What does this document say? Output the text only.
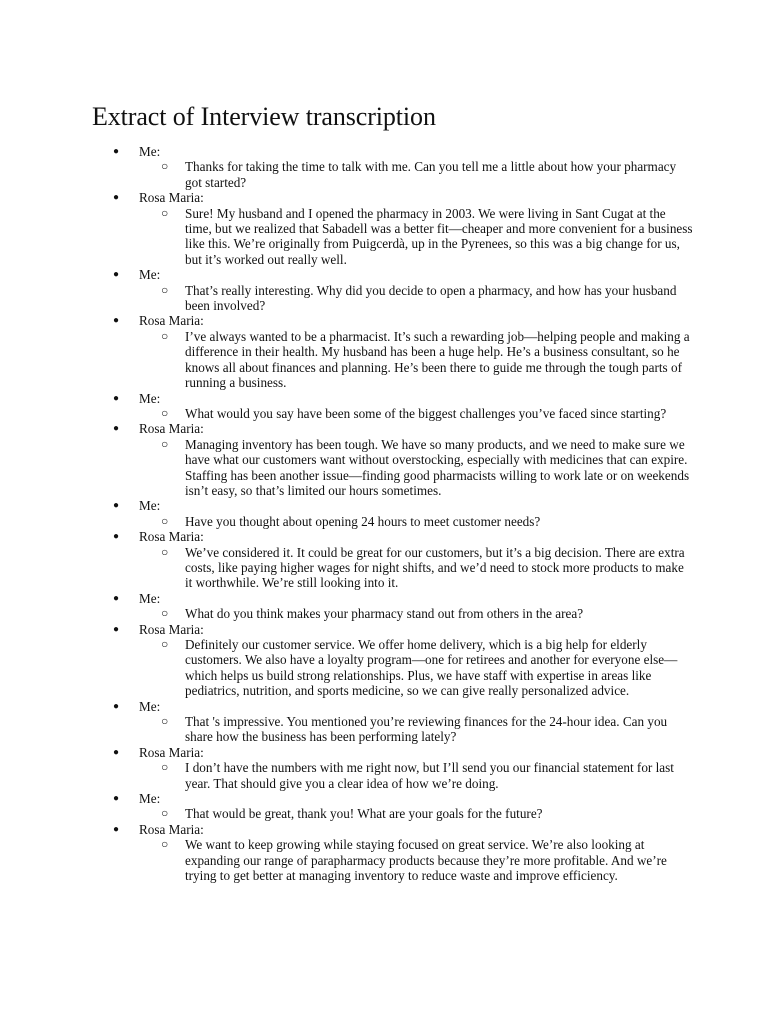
Extract of Interview transcription
●	Me:
○ Thanks for taking the time to talk with me. Can you tell me a little about how your pharmacy got started?
●	Rosa Maria:
○ Sure! My husband and I opened the pharmacy in 2003. We were living in Sant Cugat at the time, but we realized that Sabadell was a better fit—cheaper and more convenient for a business like this. We’re originally from Puigcerdà, up in the Pyrenees, so this was a big change for us, but it’s worked out really well.
●	Me:
○ That’s really interesting. Why did you decide to open a pharmacy, and how has your husband been involved?
●	Rosa Maria:
○ I’ve always wanted to be a pharmacist. It’s such a rewarding job—helping people and making a difference in their health. My husband has been a huge help. He’s a business consultant, so he knows all about finances and planning. He’s been there to guide me through the tough parts of running a business.
●	Me:
○ What would you say have been some of the biggest challenges you’ve faced since starting?
●	Rosa Maria:
○ Managing inventory has been tough. We have so many products, and we need to make sure we have what our customers want without overstocking, especially with medicines that can expire. Staffing has been another issue—finding good pharmacists willing to work late or on weekends isn’t easy, so that’s limited our hours sometimes.
●	Me:
○ Have you thought about opening 24 hours to meet customer needs?
●	Rosa Maria:
○ We’ve considered it. It could be great for our customers, but it’s a big decision. There are extra costs, like paying higher wages for night shifts, and we’d need to stock more products to make it worthwhile. We’re still looking into it.
●	Me:
○ What do you think makes your pharmacy stand out from others in the area?
●	Rosa Maria:
○ Definitely our customer service. We offer home delivery, which is a big help for elderly customers. We also have a loyalty program—one for retirees and another for everyone else—which helps us build strong relationships. Plus, we have staff with expertise in areas like pediatrics, nutrition, and sports medicine, so we can give really personalized advice.
●	Me:
○ That 's impressive. You mentioned you’re reviewing finances for the 24-hour idea. Can you share how the business has been performing lately?
●	Rosa Maria:
○ I don’t have the numbers with me right now, but I’ll send you our financial statement for last year. That should give you a clear idea of how we’re doing.
●	Me:
○ That would be great, thank you! What are your goals for the future?
●	Rosa Maria:
○ We want to keep growing while staying focused on great service. We’re also looking at expanding our range of parapharmacy products because they’re more profitable. And we’re trying to get better at managing inventory to reduce waste and improve efficiency.
